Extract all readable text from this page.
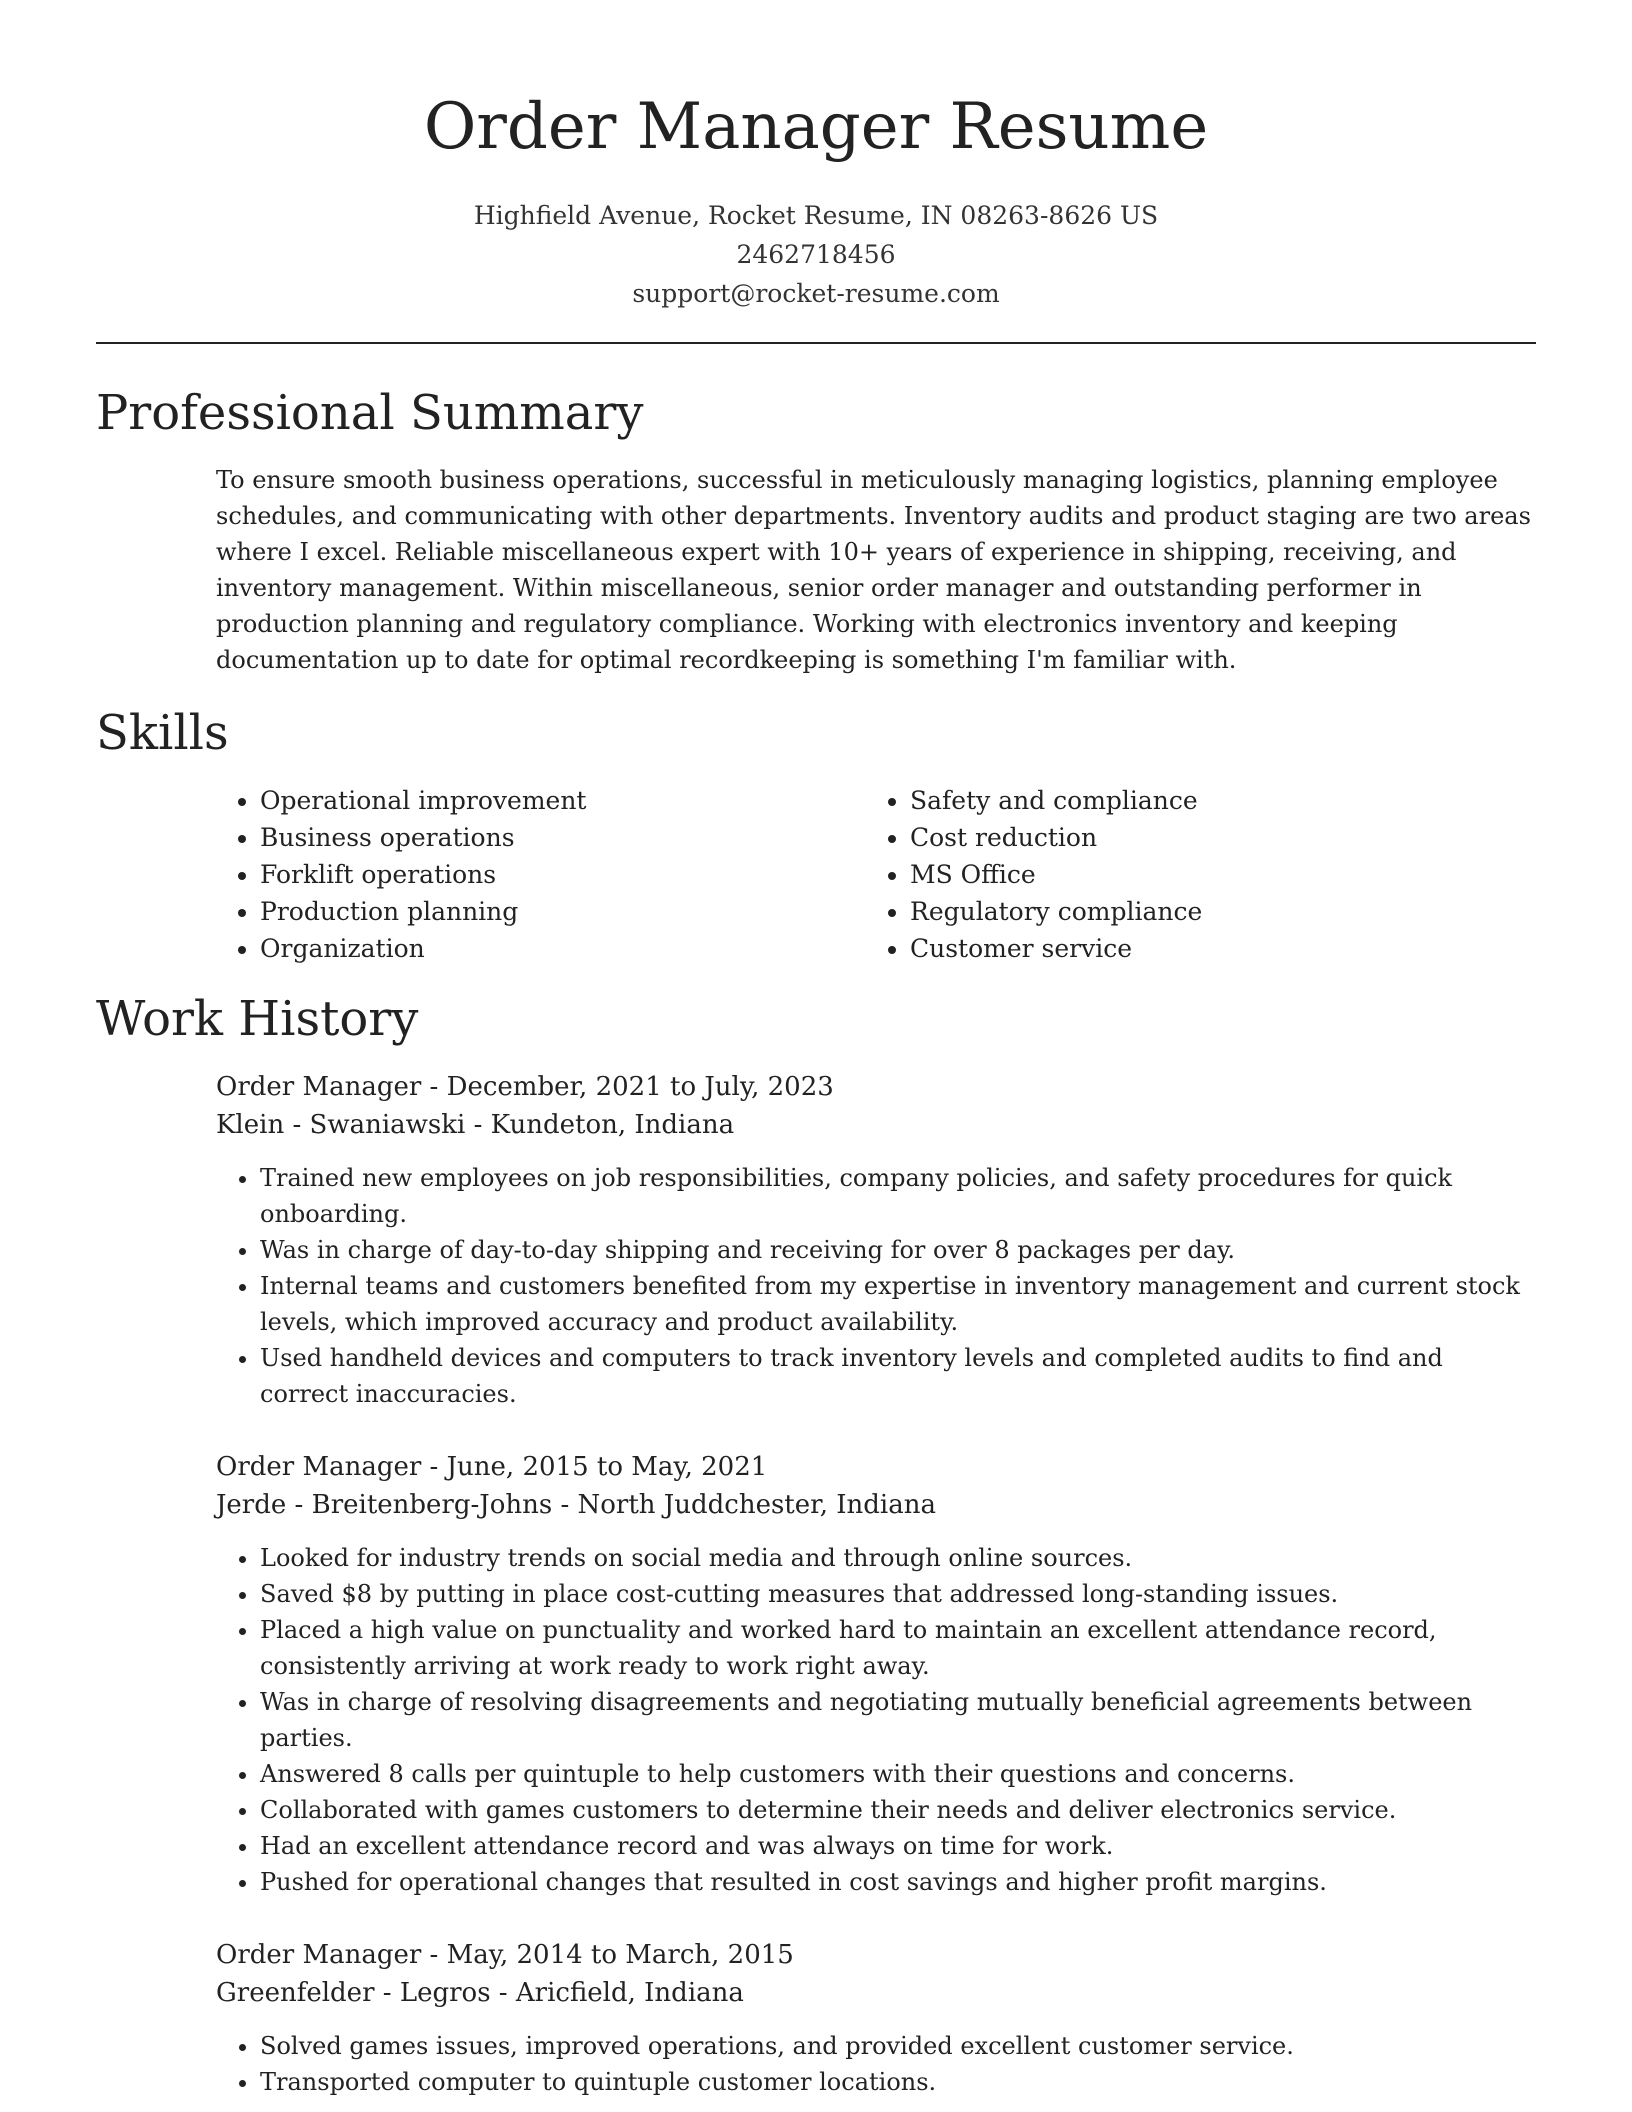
Order Manager Resume
Highfield Avenue, Rocket Resume, IN 08263-8626 US
2462718456
support@rocket-resume.com
Professional Summary

To ensure smooth business operations, successful in meticulously managing logistics, planning employee schedules, and communicating with other departments. Inventory audits and product staging are two areas where I excel. Reliable miscellaneous expert with 10+ years of experience in shipping, receiving, and inventory management. Within miscellaneous, senior order manager and outstanding performer in production planning and regulatory compliance. Working with electronics inventory and keeping documentation up to date for optimal recordkeeping is something I'm familiar with.

Skills
• Operational improvement
• Business operations
• Forklift operations
• Production planning
• Organization
• Safety and compliance
• Cost reduction
• MS Office
• Regulatory compliance
• Customer service
Work History
Order Manager - December, 2021 to July, 2023
Klein - Swaniawski - Kundeton, Indiana
• Trained new employees on job responsibilities, company policies, and safety procedures for quick onboarding.
• Was in charge of day-to-day shipping and receiving for over 8 packages per day.
• Internal teams and customers benefited from my expertise in inventory management and current stock levels, which improved accuracy and product availability.
• Used handheld devices and computers to track inventory levels and completed audits to find and correct inaccuracies.
Order Manager - June, 2015 to May, 2021
Jerde - Breitenberg-Johns - North Juddchester, Indiana
• Looked for industry trends on social media and through online sources.
• Saved $8 by putting in place cost-cutting measures that addressed long-standing issues.
• Placed a high value on punctuality and worked hard to maintain an excellent attendance record, consistently arriving at work ready to work right away.
• Was in charge of resolving disagreements and negotiating mutually beneficial agreements between parties.
• Answered 8 calls per quintuple to help customers with their questions and concerns.
• Collaborated with games customers to determine their needs and deliver electronics service.
• Had an excellent attendance record and was always on time for work.
• Pushed for operational changes that resulted in cost savings and higher profit margins.
Order Manager - May, 2014 to March, 2015
Greenfelder - Legros - Aricfield, Indiana
• Solved games issues, improved operations, and provided excellent customer service.
• Transported computer to quintuple customer locations.
